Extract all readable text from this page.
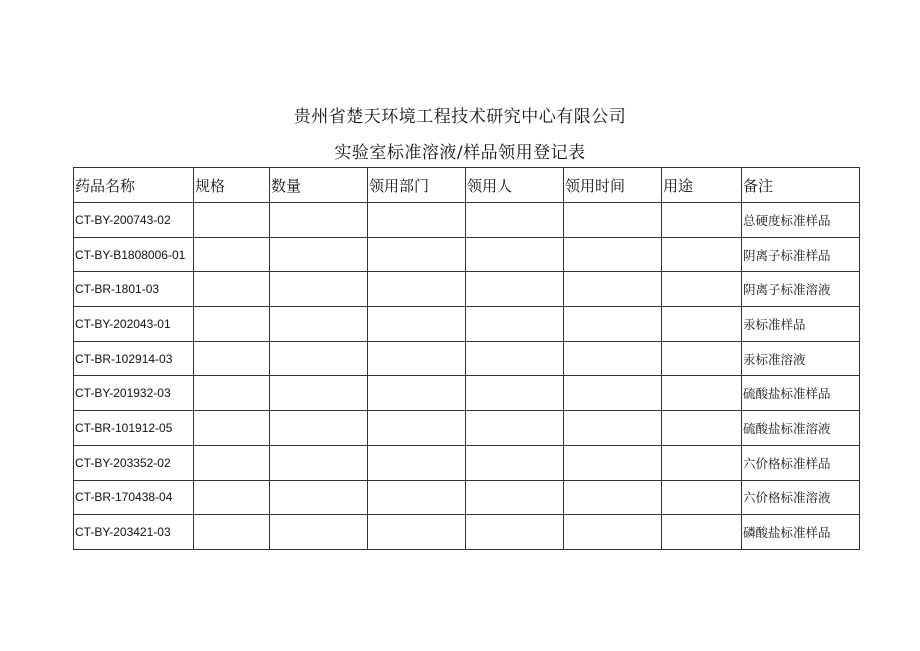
贵州省楚天环境工程技术研究中心有限公司
实验室标准溶液/样品领用登记表
药品名称	规格	数量	领用部门	领用人	领用时间	用途	备注
CT-BY-200743-02							总硬度标准样品
CT-BY-B1808006-01							阴离子标准样品
CT-BR-1801-03							阴离子标准溶液
CT-BY-202043-01							汞标准样品
CT-BR-102914-03							汞标准溶液
CT-BY-201932-03							硫酸盐标准样品
CT-BR-101912-05							硫酸盐标准溶液
CT-BY-203352-02							六价格标准样品
CT-BR-170438-04							六价格标准溶液
CT-BY-203421-03							磷酸盐标准样品
